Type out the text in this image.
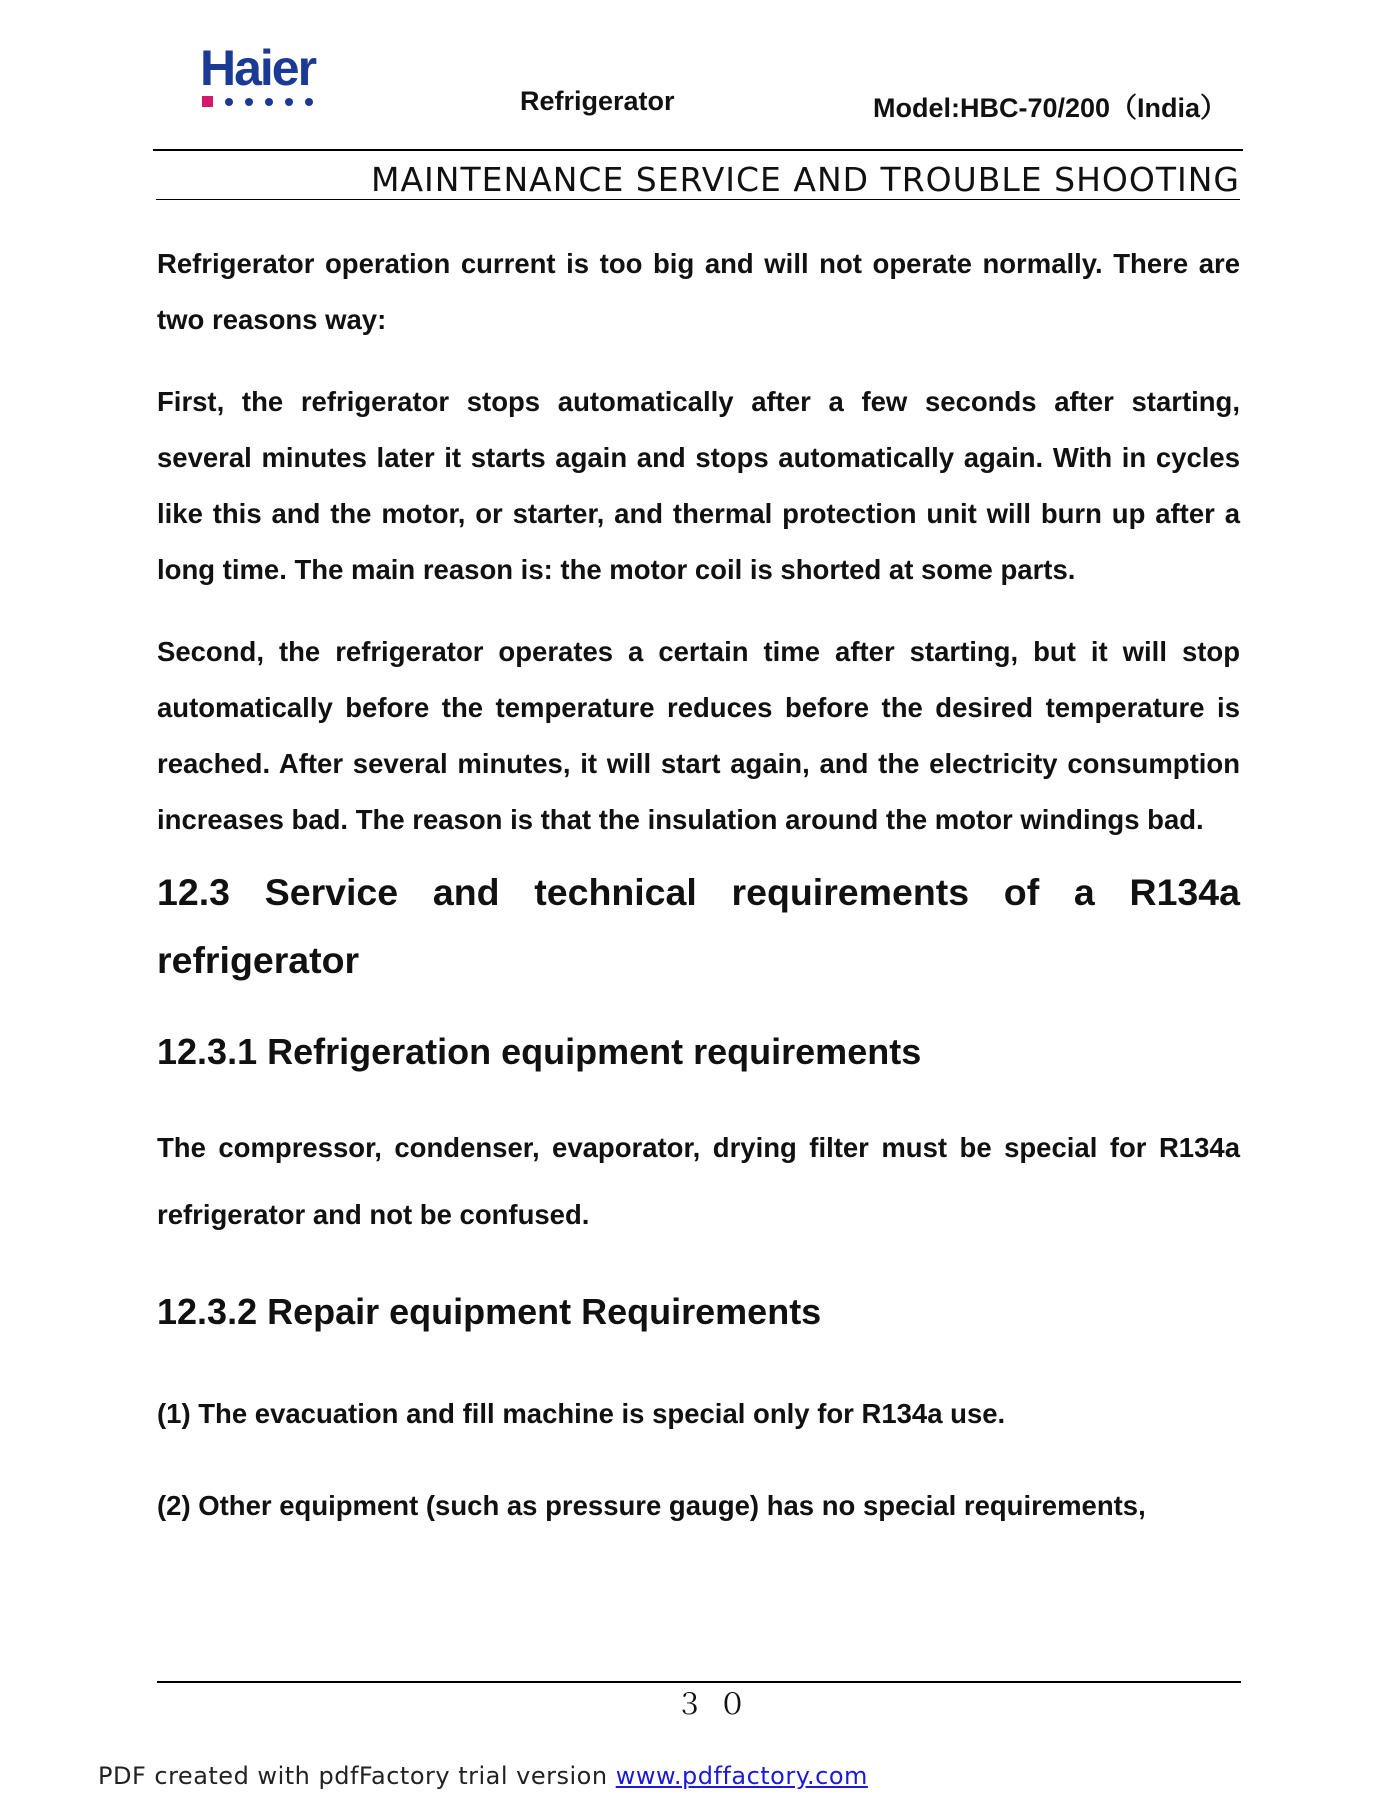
Haier
Refrigerator	Model:HBC-70/200（India）
MAINTENANCE SERVICE AND TROUBLE SHOOTING

Refrigerator operation current is too big and will not operate normally. There are two reasons way:

First, the refrigerator stops automatically after a few seconds after starting, several minutes later it starts again and stops automatically again. With in cycles like this and the motor, or starter, and thermal protection unit will burn up after a long time. The main reason is: the motor coil is shorted at some parts.

Second, the refrigerator operates a certain time after starting, but it will stop automatically before the temperature reduces before the desired temperature is reached. After several minutes, it will start again, and the electricity consumption increases bad. The reason is that the insulation around the motor windings bad.

12.3 Service and technical requirements of a R134a refrigerator
12.3.1 Refrigeration equipment requirements

The compressor, condenser, evaporator, drying filter must be special for R134a refrigerator and not be confused.

12.3.2 Repair equipment Requirements

(1) The evacuation and fill machine is special only for R134a use.

(2) Other equipment (such as pressure gauge) has no special requirements,

３０
PDF created with pdfFactory trial version www.pdffactory.com
